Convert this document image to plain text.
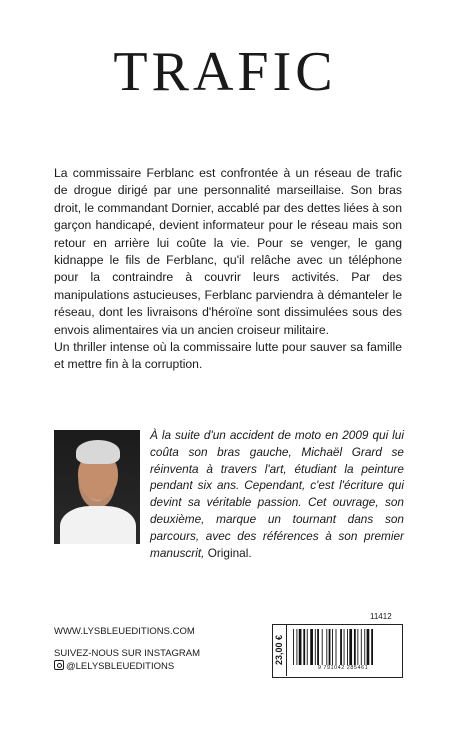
TRAFIC

La commissaire Ferblanc est confrontée à un réseau de trafic de drogue dirigé par une personnalité marseillaise. Son bras droit, le commandant Dornier, accablé par des dettes liées à son garçon handicapé, devient informateur pour le réseau mais son retour en arrière lui coûte la vie. Pour se venger, le gang kidnappe le fils de Ferblanc, qu'il relâche avec un téléphone pour la contraindre à couvrir leurs activités. Par des manipulations astucieuses, Ferblanc parviendra à démanteler le réseau, dont les livraisons d'héroïne sont dissimulées sous des envois alimentaires via un ancien croiseur militaire.

Un thriller intense où la commissaire lutte pour sauver sa famille et mettre fin à la corruption.

À la suite d'un accident de moto en 2009 qui lui coûta son bras gauche, Michaël Grard se réinventa à travers l'art, étudiant la peinture pendant six ans. Cependant, c'est l'écriture qui devint sa véritable passion. Cet ouvrage, son deuxième, marque un tournant dans son parcours, avec des références à son premier manuscrit, Original.
WWW.LYSBLEUEDITIONS.COM
SUIVEZ-NOUS SUR INSTAGRAM
@LELYSBLEUEDITIONS
11412
23,00 €
9 791042 285461
